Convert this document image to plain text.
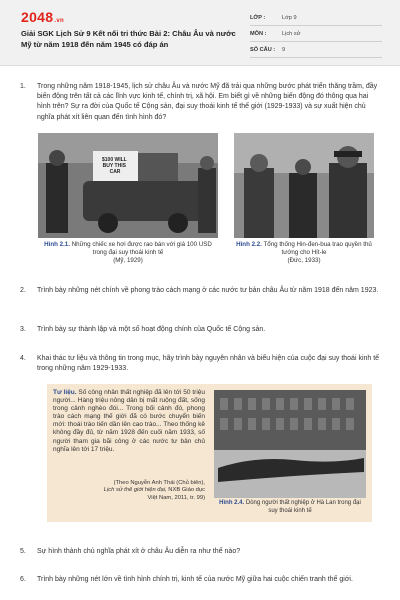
2048.vn
Giải SGK Lịch Sử 9 Kết nối tri thức Bài 2: Châu Âu và nước Mỹ từ năm 1918 đến năm 1945 có đáp án
LỚP :	Lớp 9
MÔN :	Lịch sử
SỐ CÂU :	9
1. Trong những năm 1918-1945, lịch sử châu Âu và nước Mỹ đã trải qua những bước phát triển thăng trầm, đầy biến động trên tất cả các lĩnh vực kinh tế, chính trị, xã hội. Em biết gì về những biến động đó thông qua hai hình trên? Sự ra đời của Quốc tế Cộng sản, đại suy thoái kinh tế thế giới (1929-1933) và sự xuất hiện chủ nghĩa phát xít liên quan đến tình hình đó?
$100 WILL BUY THIS CAR
Hình 2.1. Những chiếc xe hơi được rao bán với giá 100 USD trong đại suy thoái kinh tế
(Mỹ, 1929)
Hình 2.2. Tổng thống Hin-đen-bua trao quyền thủ tướng cho Hít-le
(Đức, 1933)
2. Trình bày những nét chính về phong trào cách mạng ở các nước tư bản châu Âu từ năm 1918 đến năm 1923.
3. Trình bày sự thành lập và một số hoạt động chính của Quốc tế Cộng sản.
4. Khai thác tư liệu và thông tin trong mục, hãy trình bày nguyên nhân và biểu hiện của cuộc đại suy thoái kinh tế trong những năm 1929-1933.
Tư liệu. Số công nhân thất nghiệp đã lên tới 50 triệu người... Hàng triệu nông dân bị mất ruộng đất, sống trong cảnh nghèo đói... Trong bối cảnh đó, phong trào cách mạng thế giới đã có bước chuyển biến mới: thoái trào tiến dần lên cao trào... Theo thống kê không đầy đủ, từ năm 1928 đến cuối năm 1933, số người tham gia bãi công ở các nước tư bản chủ nghĩa lên tới 17 triệu.
(Theo Nguyễn Anh Thái (Chủ biên),
Lịch sử thế giới hiện đại, NXB Giáo dục
Việt Nam, 2011, tr. 99)
Hình 2.4. Dòng người thất nghiệp ở Hà Lan trong đại suy thoái kinh tế
5. Sự hình thành chủ nghĩa phát xít ở châu Âu diễn ra như thế nào?
6. Trình bày những nét lớn về tình hình chính trị, kinh tế của nước Mỹ giữa hai cuộc chiến tranh thế giới.
